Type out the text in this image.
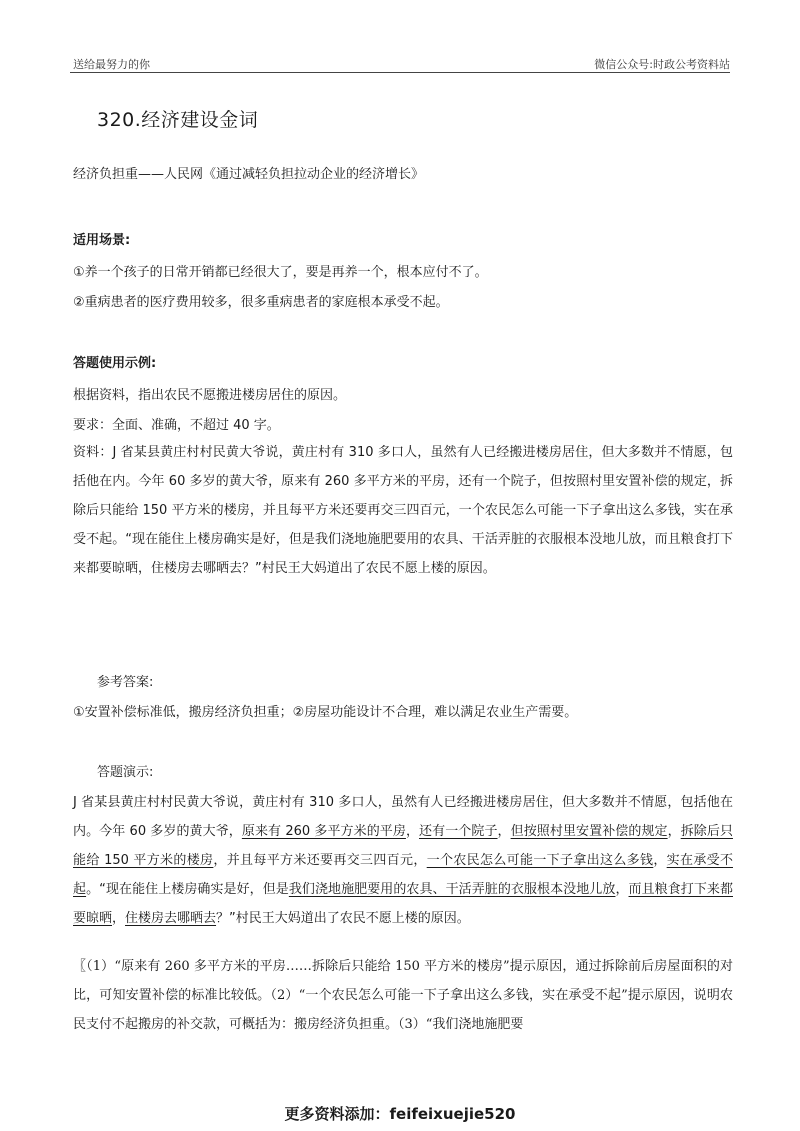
送给最努力的你	微信公众号:时政公考资料站
320.经济建设金词
经济负担重——人民网《通过减轻负担拉动企业的经济增长》
适用场景:
①养一个孩子的日常开销都已经很大了，要是再养一个，根本应付不了。
②重病患者的医疗费用较多，很多重病患者的家庭根本承受不起。
答题使用示例:
根据资料，指出农民不愿搬进楼房居住的原因。
要求：全面、准确，不超过 40 字。
资料：J 省某县黄庄村村民黄大爷说，黄庄村有 310 多口人，虽然有人已经搬进楼房居住，但大多数并不情愿，包括他在内。今年 60 多岁的黄大爷，原来有 260 多平方米的平房，还有一个院子，但按照村里安置补偿的规定，拆除后只能给 150 平方米的楼房，并且每平方米还要再交三四百元，一个农民怎么可能一下子拿出这么多钱，实在承受不起。“现在能住上楼房确实是好，但是我们浇地施肥要用的农具、干活弄脏的衣服根本没地儿放，而且粮食打下来都要晾晒，住楼房去哪晒去？”村民王大妈道出了农民不愿上楼的原因。
参考答案:
①安置补偿标准低，搬房经济负担重；②房屋功能设计不合理，难以满足农业生产需要。
答题演示:
J 省某县黄庄村村民黄大爷说，黄庄村有 310 多口人，虽然有人已经搬进楼房居住，但大多数并不情愿，包括他在内。今年 60 多岁的黄大爷，原来有 260 多平方米的平房，还有一个院子，但按照村里安置补偿的规定，拆除后只能给 150 平方米的楼房，并且每平方米还要再交三四百元，一个农民怎么可能一下子拿出这么多钱，实在承受不起。“现在能住上楼房确实是好，但是我们浇地施肥要用的农具、干活弄脏的衣服根本没地儿放，而且粮食打下来都要晾晒，住楼房去哪晒去？”村民王大妈道出了农民不愿上楼的原因。
〖（1）“原来有 260 多平方米的平房……拆除后只能给 150 平方米的楼房”提示原因，通过拆除前后房屋面积的对比，可知安置补偿的标准比较低。（2）“一个农民怎么可能一下子拿出这么多钱，实在承受不起”提示原因，说明农民支付不起搬房的补交款，可概括为：搬房经济负担重。（3）“我们浇地施肥要
更多资料添加：feifeixuejie520
